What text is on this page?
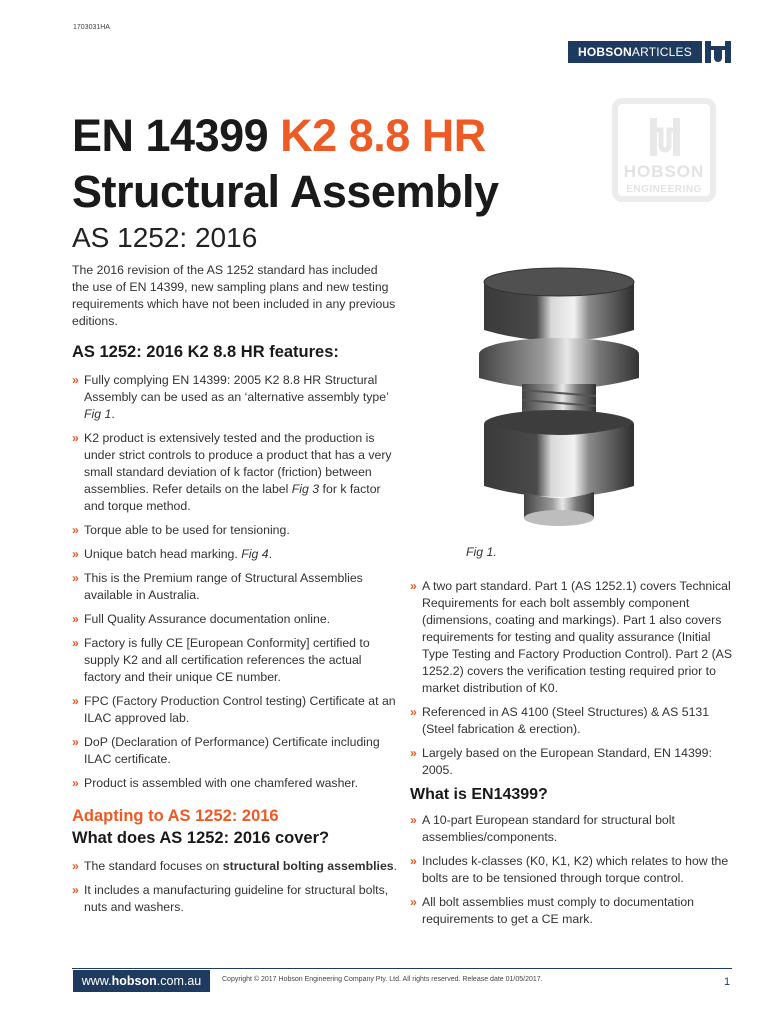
1703031HA
HOBSONARTICLES
HOBSON
ENGINEERING
EN 14399 K2 8.8 HR
Structural Assembly
AS 1252: 2016
The 2016 revision of the AS 1252 standard has included the use of EN 14399, new sampling plans and new testing requirements which have not been included in any previous editions.
AS 1252: 2016 K2 8.8 HR features:
» Fully complying EN 14399: 2005 K2 8.8 HR Structural Assembly can be used as an ‘alternative assembly type’ Fig 1.
» K2 product is extensively tested and the production is under strict controls to produce a product that has a very small standard deviation of k factor (friction) between assemblies. Refer details on the label Fig 3 for k factor and torque method.
» Torque able to be used for tensioning.
» Unique batch head marking. Fig 4.
» This is the Premium range of Structural Assemblies available in Australia.
» Full Quality Assurance documentation online.
» Factory is fully CE [European Conformity] certified to supply K2 and all certification references the actual factory and their unique CE number.
» FPC (Factory Production Control testing) Certificate at an ILAC approved lab.
» DoP (Declaration of Performance) Certificate including ILAC certificate.
» Product is assembled with one chamfered washer.
Adapting to AS 1252: 2016
What does AS 1252: 2016 cover?
» The standard focuses on structural bolting assemblies.
» It includes a manufacturing guideline for structural bolts, nuts and washers.
Fig 1.
» A two part standard. Part 1 (AS 1252.1) covers Technical Requirements for each bolt assembly component (dimensions, coating and markings). Part 1 also covers requirements for testing and quality assurance (Initial Type Testing and Factory Production Control). Part 2 (AS 1252.2) covers the verification testing required prior to market distribution of K0.
» Referenced in AS 4100 (Steel Structures) & AS 5131 (Steel fabrication & erection).
» Largely based on the European Standard, EN 14399: 2005.
What is EN14399?
» A 10-part European standard for structural bolt assemblies/components.
» Includes k-classes (K0, K1, K2) which relates to how the bolts are to be tensioned through torque control.
» All bolt assemblies must comply to documentation requirements to get a CE mark.
www.hobson.com.au	Copyright © 2017 Hobson Engineering Company Pty. Ltd. All rights reserved. Release date 01/05/2017.	1
